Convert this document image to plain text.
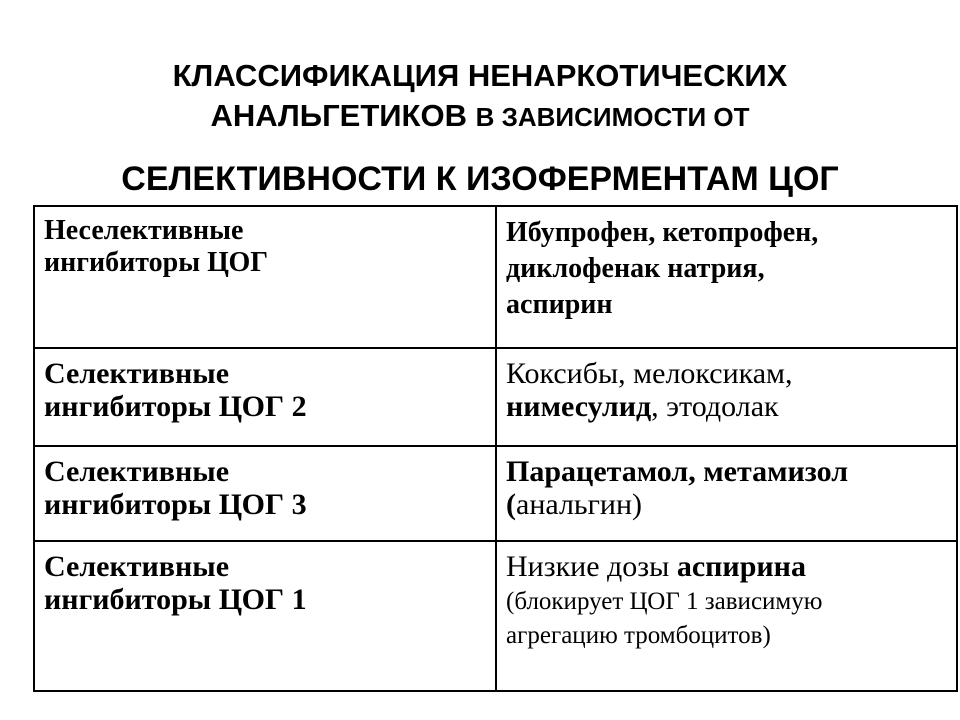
КЛАССИФИКАЦИЯ НЕНАРКОТИЧЕСКИХ
АНАЛЬГЕТИКОВ В ЗАВИСИМОСТИ ОТ
СЕЛЕКТИВНОСТИ К ИЗОФЕРМЕНТАМ ЦОГ
Неселективные
ингибиторы ЦОГ	Ибупрофен, кетопрофен,
диклофенак натрия,
аспирин
Селективные
ингибиторы ЦОГ 2	Коксибы, мелоксикам,
нимесулид, этодолак
Селективные
ингибиторы ЦОГ 3	Парацетамол, метамизол
(анальгин)
Селективные
ингибиторы ЦОГ 1	Низкие дозы аспирина
(блокирует ЦОГ 1 зависимую
агрегацию тромбоцитов)
